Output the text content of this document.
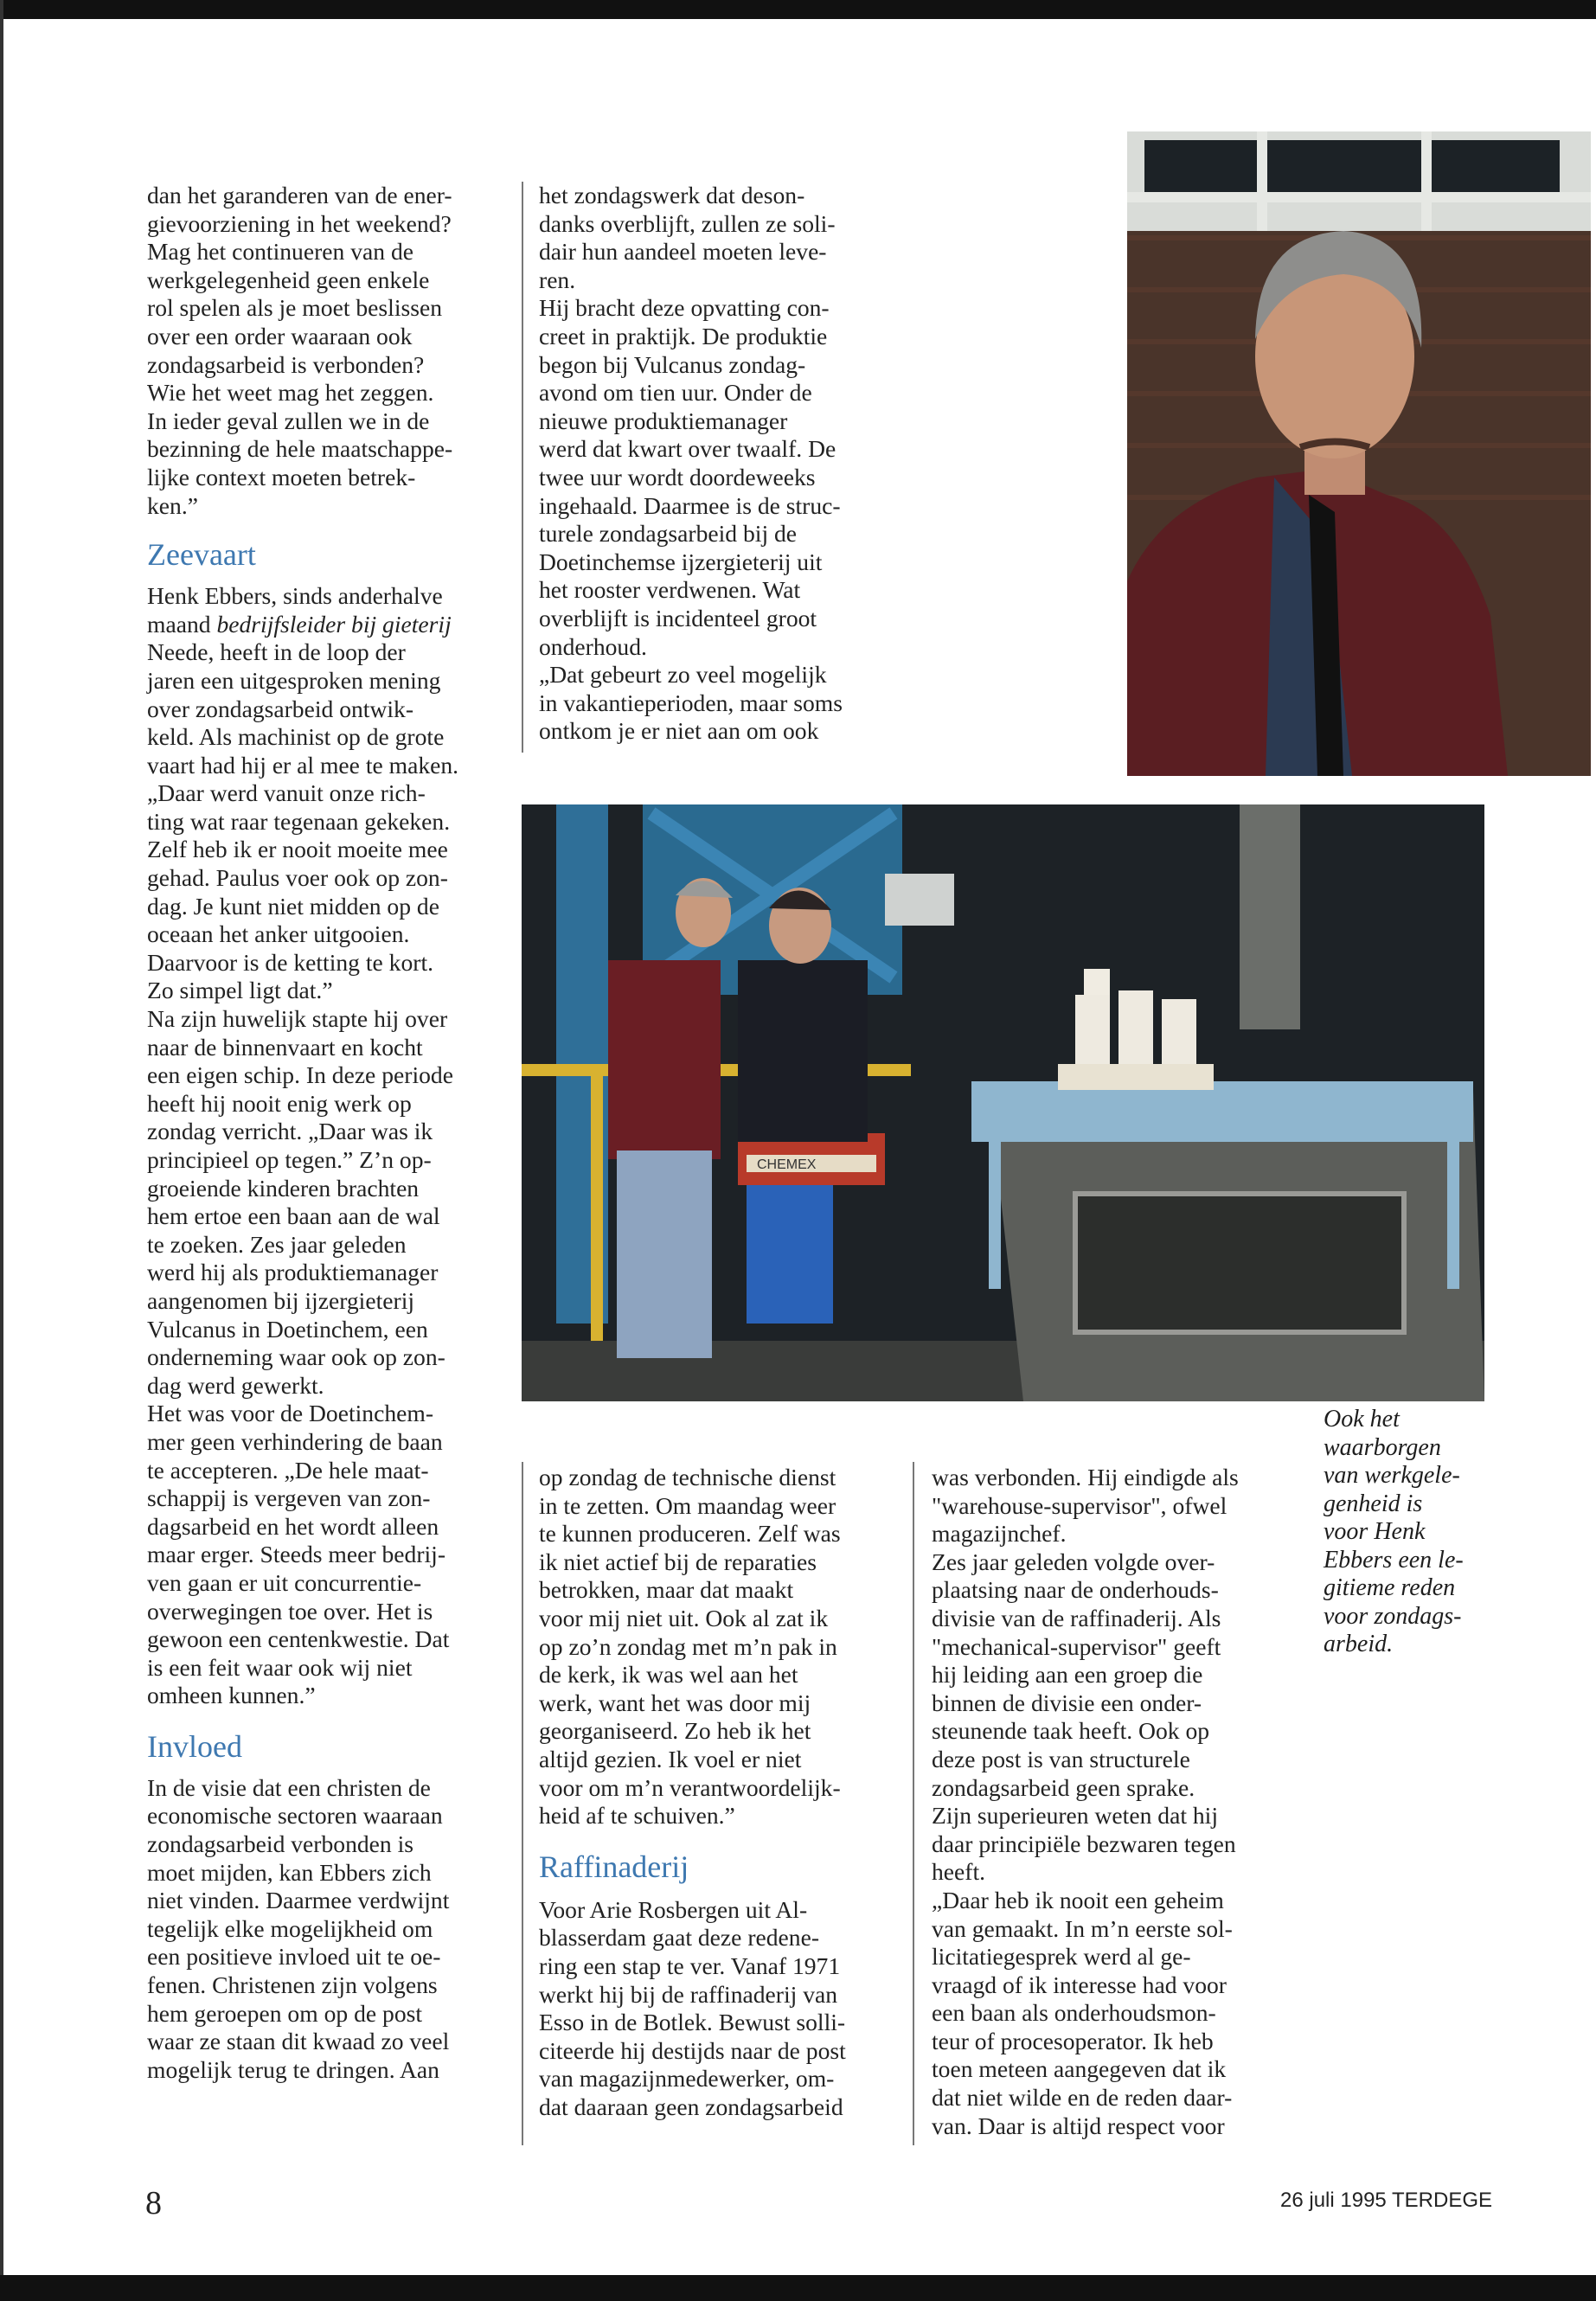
dan het garanderen van de ener-

gievoorziening in het weekend?

Mag het continueren van de

werkgelegenheid geen enkele

rol spelen als je moet beslissen

over een order waaraan ook

zondagsarbeid is verbonden?

Wie het weet mag het zeggen.

In ieder geval zullen we in de

bezinning de hele maatschappe-

lijke context moeten betrek-

ken.”

Zeevaart

Henk Ebbers, sinds anderhalve

maand bedrijfsleider bij gieterij

Neede, heeft in de loop der

jaren een uitgesproken mening

over zondagsarbeid ontwik-

keld. Als machinist op de grote

vaart had hij er al mee te maken.

„Daar werd vanuit onze rich-

ting wat raar tegenaan gekeken.

Zelf heb ik er nooit moeite mee

gehad. Paulus voer ook op zon-

dag. Je kunt niet midden op de

oceaan het anker uitgooien.

Daarvoor is de ketting te kort.

Zo simpel ligt dat.”

Na zijn huwelijk stapte hij over

naar de binnenvaart en kocht

een eigen schip. In deze periode

heeft hij nooit enig werk op

zondag verricht. „Daar was ik

principieel op tegen.” Z’n op-

groeiende kinderen brachten

hem ertoe een baan aan de wal

te zoeken. Zes jaar geleden

werd hij als produktiemanager

aangenomen bij ijzergieterij

Vulcanus in Doetinchem, een

onderneming waar ook op zon-

dag werd gewerkt.

Het was voor de Doetinchem-

mer geen verhindering de baan

te accepteren. „De hele maat-

schappij is vergeven van zon-

dagsarbeid en het wordt alleen

maar erger. Steeds meer bedrij-

ven gaan er uit concurrentie-

overwegingen toe over. Het is

gewoon een centenkwestie. Dat

is een feit waar ook wij niet

omheen kunnen.”

Invloed

In de visie dat een christen de

economische sectoren waaraan

zondagsarbeid verbonden is

moet mijden, kan Ebbers zich

niet vinden. Daarmee verdwijnt

tegelijk elke mogelijkheid om

een positieve invloed uit te oe-

fenen. Christenen zijn volgens

hem geroepen om op de post

waar ze staan dit kwaad zo veel

mogelijk terug te dringen. Aan

het zondagswerk dat deson-

danks overblijft, zullen ze soli-

dair hun aandeel moeten leve-

ren.

Hij bracht deze opvatting con-

creet in praktijk. De produktie

begon bij Vulcanus zondag-

avond om tien uur. Onder de

nieuwe produktiemanager

werd dat kwart over twaalf. De

twee uur wordt doordeweeks

ingehaald. Daarmee is de struc-

turele zondagsarbeid bij de

Doetinchemse ijzergieterij uit

het rooster verdwenen. Wat

overblijft is incidenteel groot

onderhoud.

„Dat gebeurt zo veel mogelijk

in vakantieperioden, maar soms

ontkom je er niet aan om ook

CHEMEX

Ook het

waarborgen

van werkgele-

genheid is

voor Henk

Ebbers een le-

gitieme reden

voor zondags-

arbeid.

op zondag de technische dienst

in te zetten. Om maandag weer

te kunnen produceren. Zelf was

ik niet actief bij de reparaties

betrokken, maar dat maakt

voor mij niet uit. Ook al zat ik

op zo’n zondag met m’n pak in

de kerk, ik was wel aan het

werk, want het was door mij

georganiseerd. Zo heb ik het

altijd gezien. Ik voel er niet

voor om m’n verantwoordelijk-

heid af te schuiven.”

Raffinaderij

Voor Arie Rosbergen uit Al-

blasserdam gaat deze redene-

ring een stap te ver. Vanaf 1971

werkt hij bij de raffinaderij van

Esso in de Botlek. Bewust solli-

citeerde hij destijds naar de post

van magazijnmedewerker, om-

dat daaraan geen zondagsarbeid

was verbonden. Hij eindigde als

"warehouse-supervisor", ofwel

magazijnchef.

Zes jaar geleden volgde over-

plaatsing naar de onderhouds-

divisie van de raffinaderij. Als

"mechanical-supervisor" geeft

hij leiding aan een groep die

binnen de divisie een onder-

steunende taak heeft. Ook op

deze post is van structurele

zondagsarbeid geen sprake.

Zijn superieuren weten dat hij

daar principiële bezwaren tegen

heeft.

„Daar heb ik nooit een geheim

van gemaakt. In m’n eerste sol-

licitatiegesprek werd al ge-

vraagd of ik interesse had voor

een baan als onderhoudsmon-

teur of procesoperator. Ik heb

toen meteen aangegeven dat ik

dat niet wilde en de reden daar-

van. Daar is altijd respect voor

8	26 juli 1995 TERDEGE
